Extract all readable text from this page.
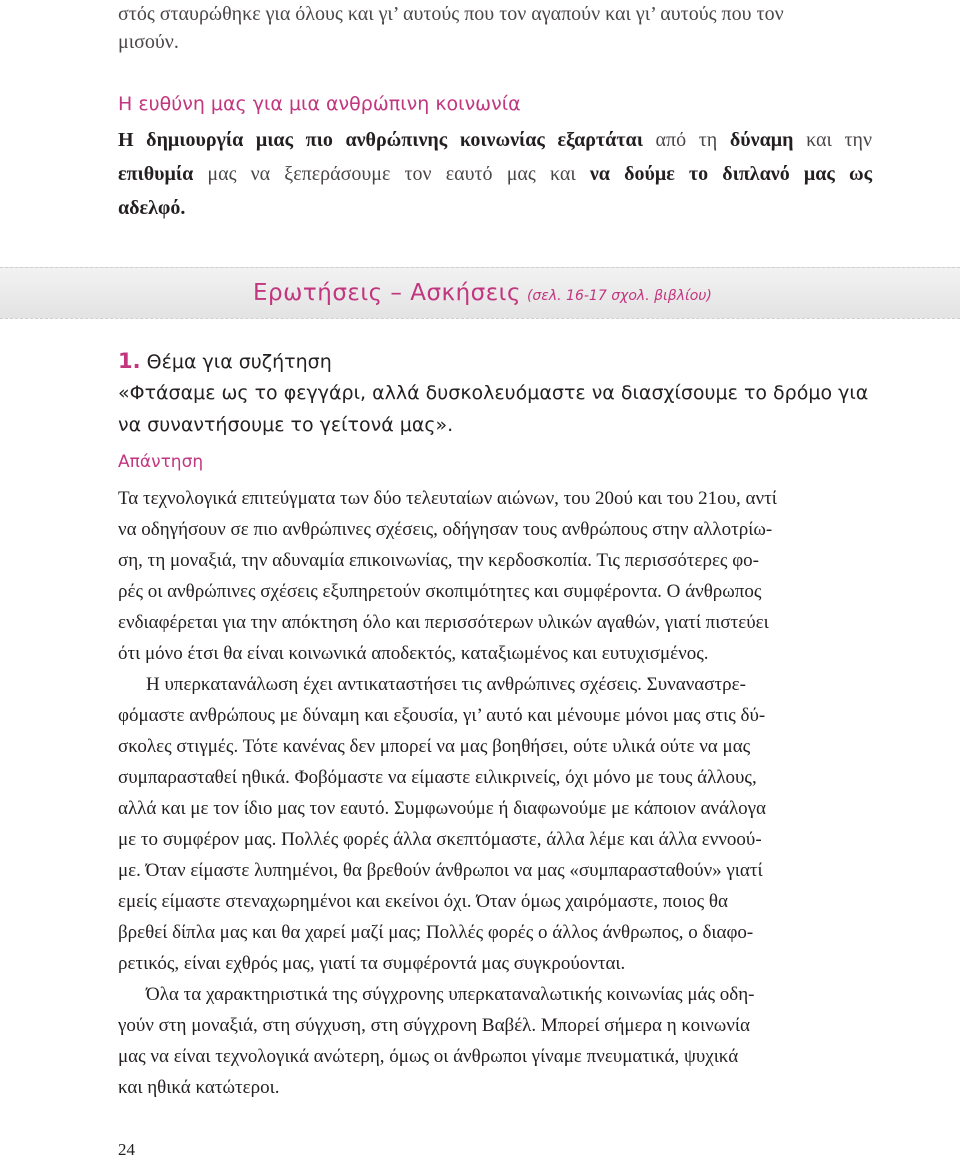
στός σταυρώθηκε για όλους και γι’ αυτούς που τον αγαπούν και γι’ αυτούς που τον

μισούν.

Η ευθύνη μας για μια ανθρώπινη κοινωνία

Η δημιουργία μιας πιο ανθρώπινης κοινωνίας εξαρτάται από τη δύναμη και την

επιθυμία μας να ξεπεράσουμε τον εαυτό μας και να δούμε το διπλανό μας ως

αδελφό.

Ερωτήσεις – Ασκήσεις (σελ. 16-17 σχολ. βιβλίου)

1. Θέμα για συζήτηση

«Φτάσαμε ως το φεγγάρι, αλλά δυσκολευόμαστε να διασχίσουμε το δρόμο για

να συναντήσουμε το γείτονά μας».

Απάντηση

Τα τεχνολογικά επιτεύγματα των δύο τελευταίων αιώνων, του 20ού και του 21ου, αντί

να οδηγήσουν σε πιο ανθρώπινες σχέσεις, οδήγησαν τους ανθρώπους στην αλλοτρίω-

ση, τη μοναξιά, την αδυναμία επικοινωνίας, την κερδοσκοπία. Τις περισσότερες φο-

ρές οι ανθρώπινες σχέσεις εξυπηρετούν σκοπιμότητες και συμφέροντα. Ο άνθρωπος

ενδιαφέρεται για την απόκτηση όλο και περισσότερων υλικών αγαθών, γιατί πιστεύει

ότι μόνο έτσι θα είναι κοινωνικά αποδεκτός, καταξιωμένος και ευτυχισμένος.

Η υπερκατανάλωση έχει αντικαταστήσει τις ανθρώπινες σχέσεις. Συναναστρε-

φόμαστε ανθρώπους με δύναμη και εξουσία, γι’ αυτό και μένουμε μόνοι μας στις δύ-

σκολες στιγμές. Τότε κανένας δεν μπορεί να μας βοηθήσει, ούτε υλικά ούτε να μας

συμπαρασταθεί ηθικά. Φοβόμαστε να είμαστε ειλικρινείς, όχι μόνο με τους άλλους,

αλλά και με τον ίδιο μας τον εαυτό. Συμφωνούμε ή διαφωνούμε με κάποιον ανάλογα

με το συμφέρον μας. Πολλές φορές άλλα σκεπτόμαστε, άλλα λέμε και άλλα εννοού-

με. Όταν είμαστε λυπημένοι, θα βρεθούν άνθρωποι να μας «συμπαρασταθούν» γιατί

εμείς είμαστε στεναχωρημένοι και εκείνοι όχι. Όταν όμως χαιρόμαστε, ποιος θα

βρεθεί δίπλα μας και θα χαρεί μαζί μας; Πολλές φορές ο άλλος άνθρωπος, ο διαφο-

ρετικός, είναι εχθρός μας, γιατί τα συμφέροντά μας συγκρούονται.

Όλα τα χαρακτηριστικά της σύγχρονης υπερκαταναλωτικής κοινωνίας μάς οδη-

γούν στη μοναξιά, στη σύγχυση, στη σύγχρονη Βαβέλ. Μπορεί σήμερα η κοινωνία

μας να είναι τεχνολογικά ανώτερη, όμως οι άνθρωποι γίναμε πνευματικά, ψυχικά

και ηθικά κατώτεροι.

24
